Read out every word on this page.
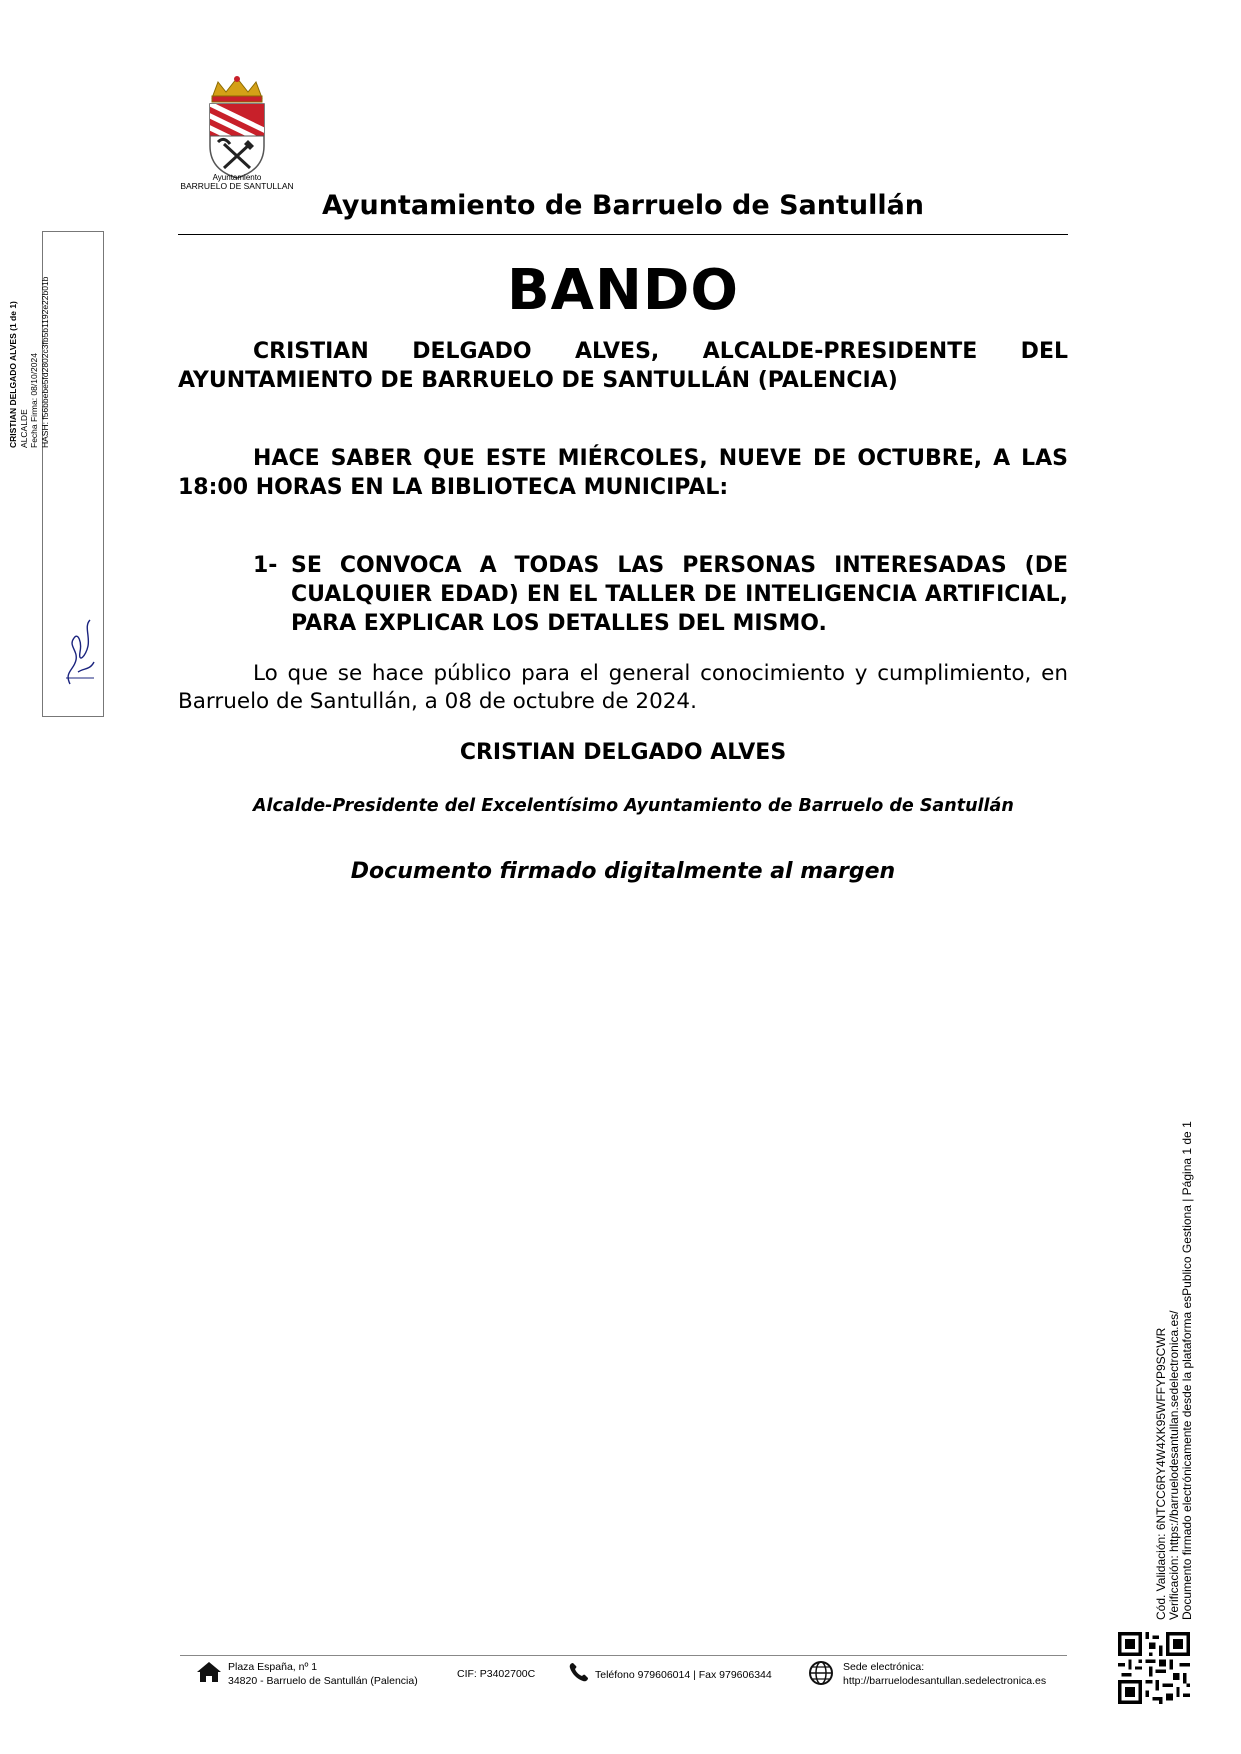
Ayuntamiento
BARRUELO DE SANTULLAN
Ayuntamiento de Barruelo de Santullán
BANDO
CRISTIAN DELGADO ALVES, ALCALDE-PRESIDENTE DEL AYUNTAMIENTO DE BARRUELO DE SANTULLÁN (PALENCIA)
HACE SABER QUE ESTE MIÉRCOLES, NUEVE DE OCTUBRE, A LAS 18:00 HORAS EN LA BIBLIOTECA MUNICIPAL:
1- SE CONVOCA A TODAS LAS PERSONAS INTERESADAS (DE CUALQUIER EDAD) EN EL TALLER DE INTELIGENCIA ARTIFICIAL, PARA EXPLICAR LOS DETALLES DEL MISMO.
Lo que se hace público para el general conocimiento y cumplimiento, en Barruelo de Santullán, a 08 de octubre de 2024.
CRISTIAN DELGADO ALVES
Alcalde-Presidente del Excelentísimo Ayuntamiento de Barruelo de Santullán
Documento firmado digitalmente al margen
CRISTIAN DELGADO ALVES (1 de 1) ALCALDE Fecha Firma: 08/10/2024 HASH: f56bbebe5fd2802c3fb5b1192e22b01b
Cód. Validación: 6NTCC6RY4W4XK95WFFYP9SCWR Verificación: https://barruelodesantullan.sedelectronica.es/ Documento firmado electrónicamente desde la plataforma esPublico Gestiona | Página 1 de 1
Plaza España, nº 1
34820 - Barruelo de Santullán (Palencia)
CIF: P3402700C	Teléfono 979606014 | Fax 979606344
Sede electrónica:
http://barruelodesantullan.sedelectronica.es
